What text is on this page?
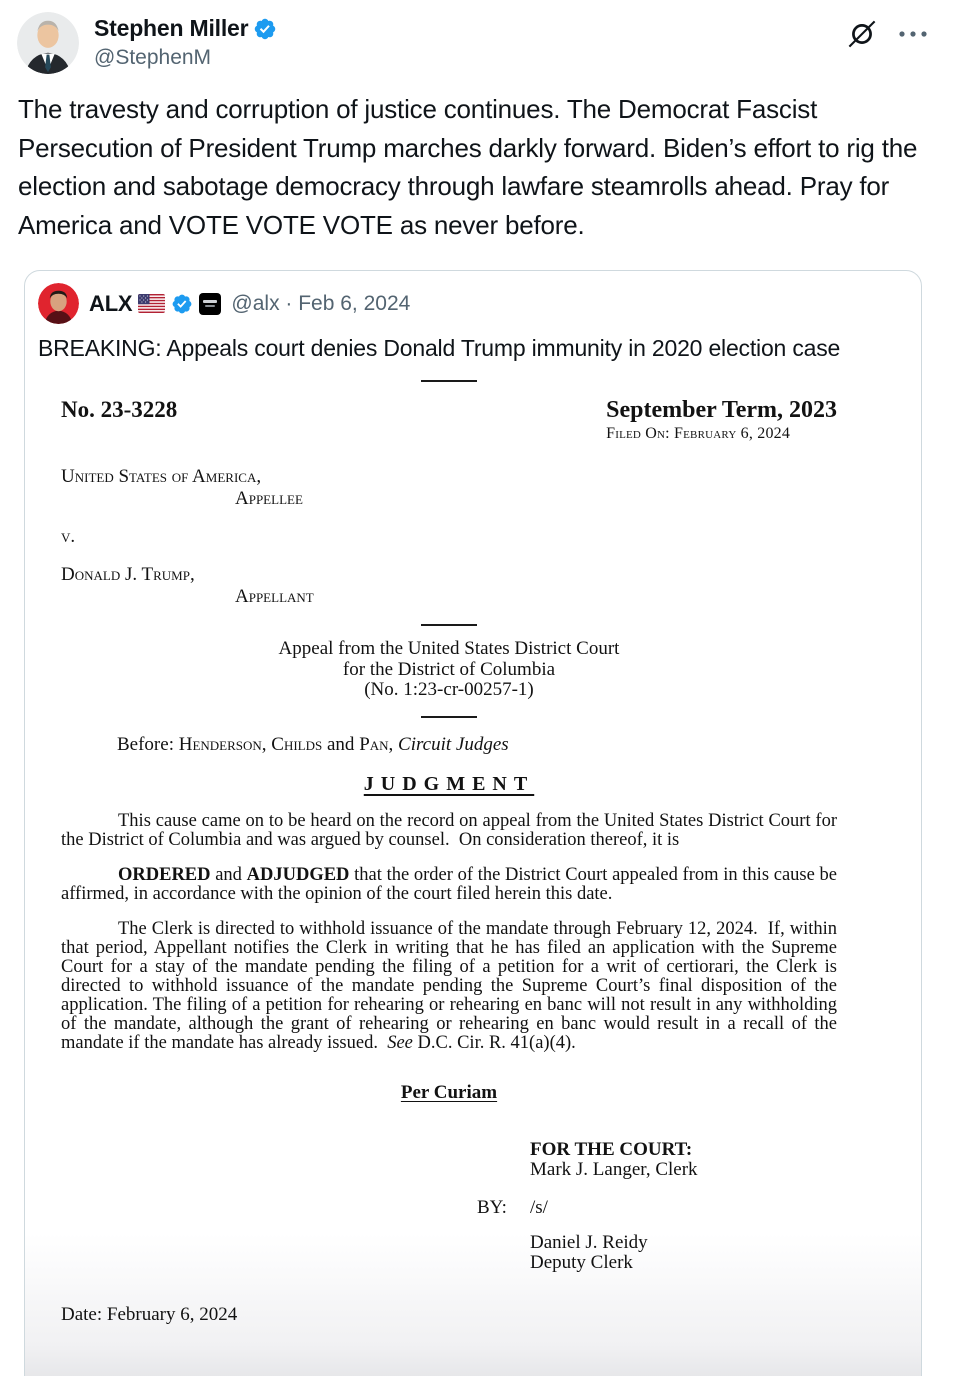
Stephen Miller
@StephenM
The travesty and corruption of justice continues. The Democrat Fascist Persecution of President Trump marches darkly forward. Biden’s effort to rig the election and sabotage democracy through lawfare steamrolls ahead. Pray for America and VOTE VOTE VOTE as never before.
ALX	@alx · Feb 6, 2024
BREAKING: Appeals court denies Donald Trump immunity in 2020 election case
No. 23-3228	September Term, 2023
Filed On: February 6, 2024
United States of America,
Appellee
v.
Donald J. Trump,
Appellant
Appeal from the United States District Court
for the District of Columbia
(No. 1:23-cr-00257-1)
Before: Henderson, Childs and Pan, Circuit Judges
JUDGMENT

This cause came on to be heard on the record on appeal from the United States District Court for the District of Columbia and was argued by counsel.  On consideration thereof, it is

ORDERED and ADJUDGED that the order of the District Court appealed from in this cause be affirmed, in accordance with the opinion of the court filed herein this date.

The Clerk is directed to withhold issuance of the mandate through February 12, 2024.  If, within that period, Appellant notifies the Clerk in writing that he has filed an application with the Supreme Court for a stay of the mandate pending the filing of a petition for a writ of certiorari, the Clerk is directed to withhold issuance of the mandate pending the Supreme Court’s final disposition of the application. The filing of a petition for rehearing or rehearing en banc will not result in any withholding of the mandate, although the grant of rehearing or rehearing en banc would result in a recall of the mandate if the mandate has already issued.  See D.C. Cir. R. 41(a)(4).

Per Curiam
FOR THE COURT:
Mark J. Langer, Clerk
BY:	/s/
Daniel J. Reidy
Deputy Clerk
Date: February 6, 2024
